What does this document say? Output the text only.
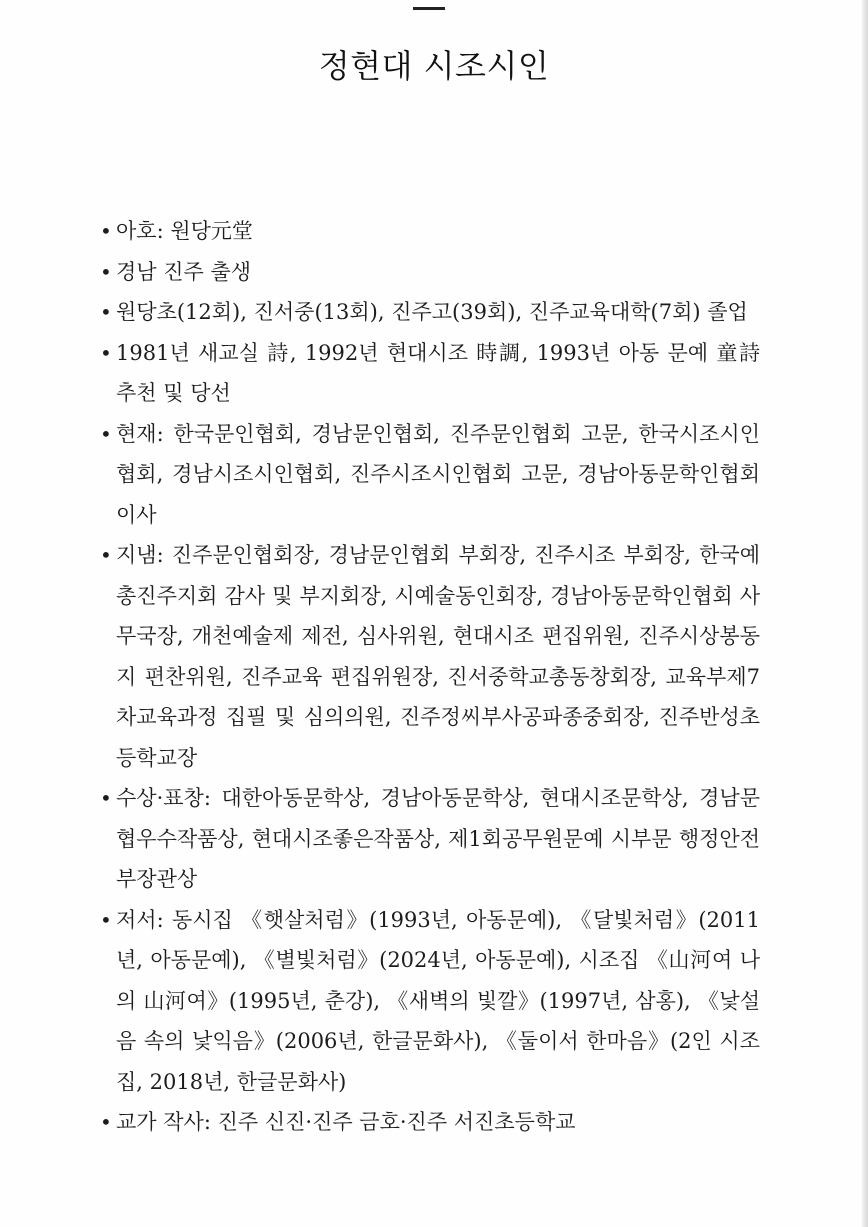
정현대 시조시인
• 아호: 원당元堂
• 경남 진주 출생
• 원당초(12회), 진서중(13회), 진주고(39회), 진주교육대학(7회) 졸업
• 1981년 새교실 詩, 1992년 현대시조 時調, 1993년 아동 문예 童詩 추천 및 당선
• 현재: 한국문인협회, 경남문인협회, 진주문인협회 고문, 한국시조시인협회, 경남시조시인협회, 진주시조시인협회 고문, 경남아동문학인협회 이사
• 지냄: 진주문인협회장, 경남문인협회 부회장, 진주시조 부회장, 한국예총진주지회 감사 및 부지회장, 시예술동인회장, 경남아동문학인협회 사무국장, 개천예술제 제전, 심사위원, 현대시조 편집위원, 진주시상봉동지 편찬위원, 진주교육 편집위원장, 진서중학교총동창회장, 교육부제7차교육과정 집필 및 심의의원, 진주정씨부사공파종중회장, 진주반성초등학교장
• 수상·표창: 대한아동문학상, 경남아동문학상, 현대시조문학상, 경남문협우수작품상, 현대시조좋은작품상, 제1회공무원문예 시부문 행정안전부장관상
• 저서: 동시집 《햇살처럼》(1993년, 아동문예), 《달빛처럼》(2011년, 아동문예), 《별빛처럼》(2024년, 아동문예), 시조집 《山河여 나의 山河여》(1995년, 춘강), 《새벽의 빛깔》(1997년, 삼홍), 《낯설음 속의 낯익음》(2006년, 한글문화사), 《둘이서 한마음》(2인 시조집, 2018년, 한글문화사)
• 교가 작사: 진주 신진·진주 금호·진주 서진초등학교
